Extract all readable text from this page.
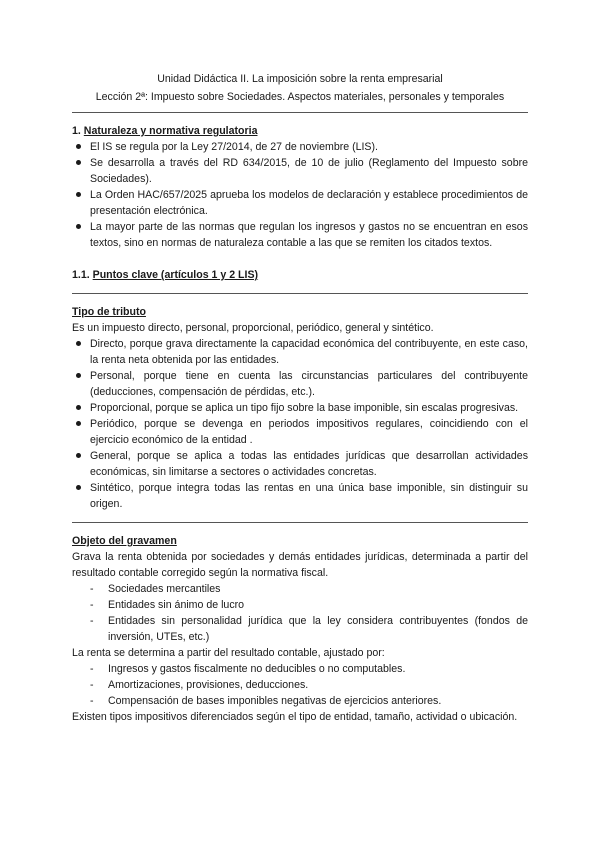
Unidad Didáctica II. La imposición sobre la renta empresarial
Lección 2ª: Impuesto sobre Sociedades. Aspectos materiales, personales y temporales

1. Naturaleza y normativa regulatoria

El IS se regula por la Ley 27/2014, de 27 de noviembre (LIS).
Se desarrolla a través del RD 634/2015, de 10 de julio (Reglamento del Impuesto sobre Sociedades).
La Orden HAC/657/2025 aprueba los modelos de declaración y establece procedimientos de presentación electrónica.
La mayor parte de las normas que regulan los ingresos y gastos no se encuentran en esos textos, sino en normas de naturaleza contable a las que se remiten los citados textos.

1.1. Puntos clave (artículos 1 y 2 LIS)

Tipo de tributo

Es un impuesto directo, personal, proporcional, periódico, general y sintético.

Directo, porque grava directamente la capacidad económica del contribuyente, en este caso, la renta neta obtenida por las entidades.
Personal, porque tiene en cuenta las circunstancias particulares del contribuyente (deducciones, compensación de pérdidas, etc.).
Proporcional, porque se aplica un tipo fijo sobre la base imponible, sin escalas progresivas.
Periódico, porque se devenga en periodos impositivos regulares, coincidiendo con el ejercicio económico de la entidad .
General, porque se aplica a todas las entidades jurídicas que desarrollan actividades económicas, sin limitarse a sectores o actividades concretas.
Sintético, porque integra todas las rentas en una única base imponible, sin distinguir su origen.

Objeto del gravamen

Grava la renta obtenida por sociedades y demás entidades jurídicas, determinada a partir del resultado contable corregido según la normativa fiscal.

- Sociedades mercantiles
- Entidades sin ánimo de lucro
- Entidades sin personalidad jurídica que la ley considera contribuyentes (fondos de inversión, UTEs, etc.)

La renta se determina a partir del resultado contable, ajustado por:

- Ingresos y gastos fiscalmente no deducibles o no computables.
- Amortizaciones, provisiones, deducciones.
- Compensación de bases imponibles negativas de ejercicios anteriores.

Existen tipos impositivos diferenciados según el tipo de entidad, tamaño, actividad o ubicación.
